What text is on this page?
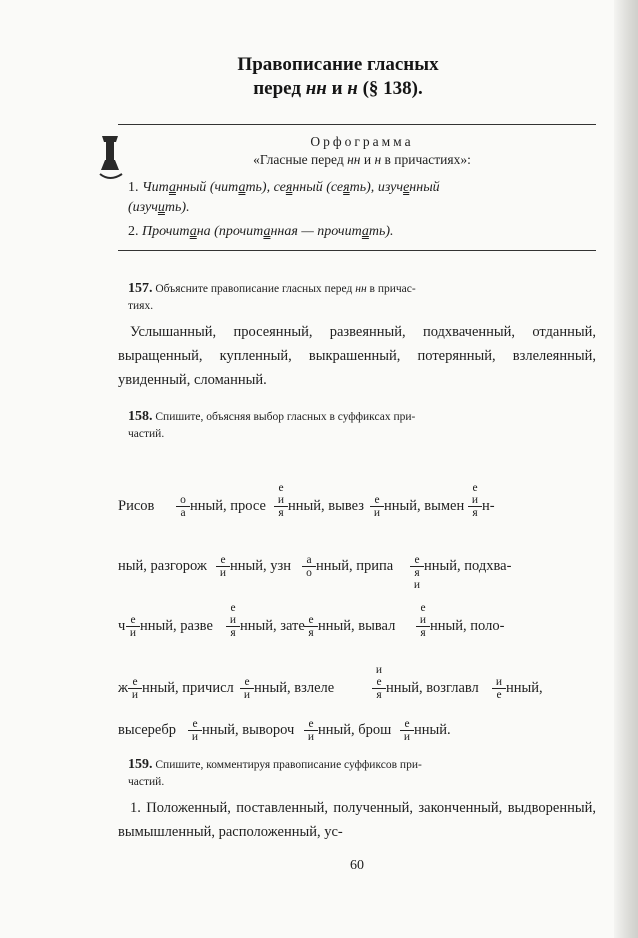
Правописание гласных
перед нн и н (§ 138).
Орфограмма
«Гласные перед нн и н в причастиях»:
1. Читанный (читать), сеянный (сеять), изученный
(изучить).
2. Прочитана (прочитанная — прочитать).
157. Объясните правописание гласных перед нн в причас-
тиях.
Услышанный, просеянный, развеянный, подхваченный, отданный, выращенный, купленный, выкрашенный, потерянный, взлелеянный, увиденный, сломанный.
158. Спишите, объясняя выбор гласных в суффиксах при-
частий.
Рисов	о
а нный, просе
е
и
я нный, вывез е
и нный, вымен
е
и
я н-
ный, разгорож	е
и нный, узн	а
о нный, припа	е
я
и
нный, подхва-
ч е
и нный, разве
е
и
я нный, зате е
я нный, вывал
е
и
я нный, поло-
ж е
и нный, причисл е
и нный, взлеле
и
е
я нный, возглавл	и
е нный,
высеребр	е
и нный, вывороч	е
и нный, брош	е
и нный.
159. Спишите, комментируя правописание суффиксов при-
частий.
1. Положенный, поставленный, полученный, законченный, выдворенный, вымышленный, расположенный, ус-
60
